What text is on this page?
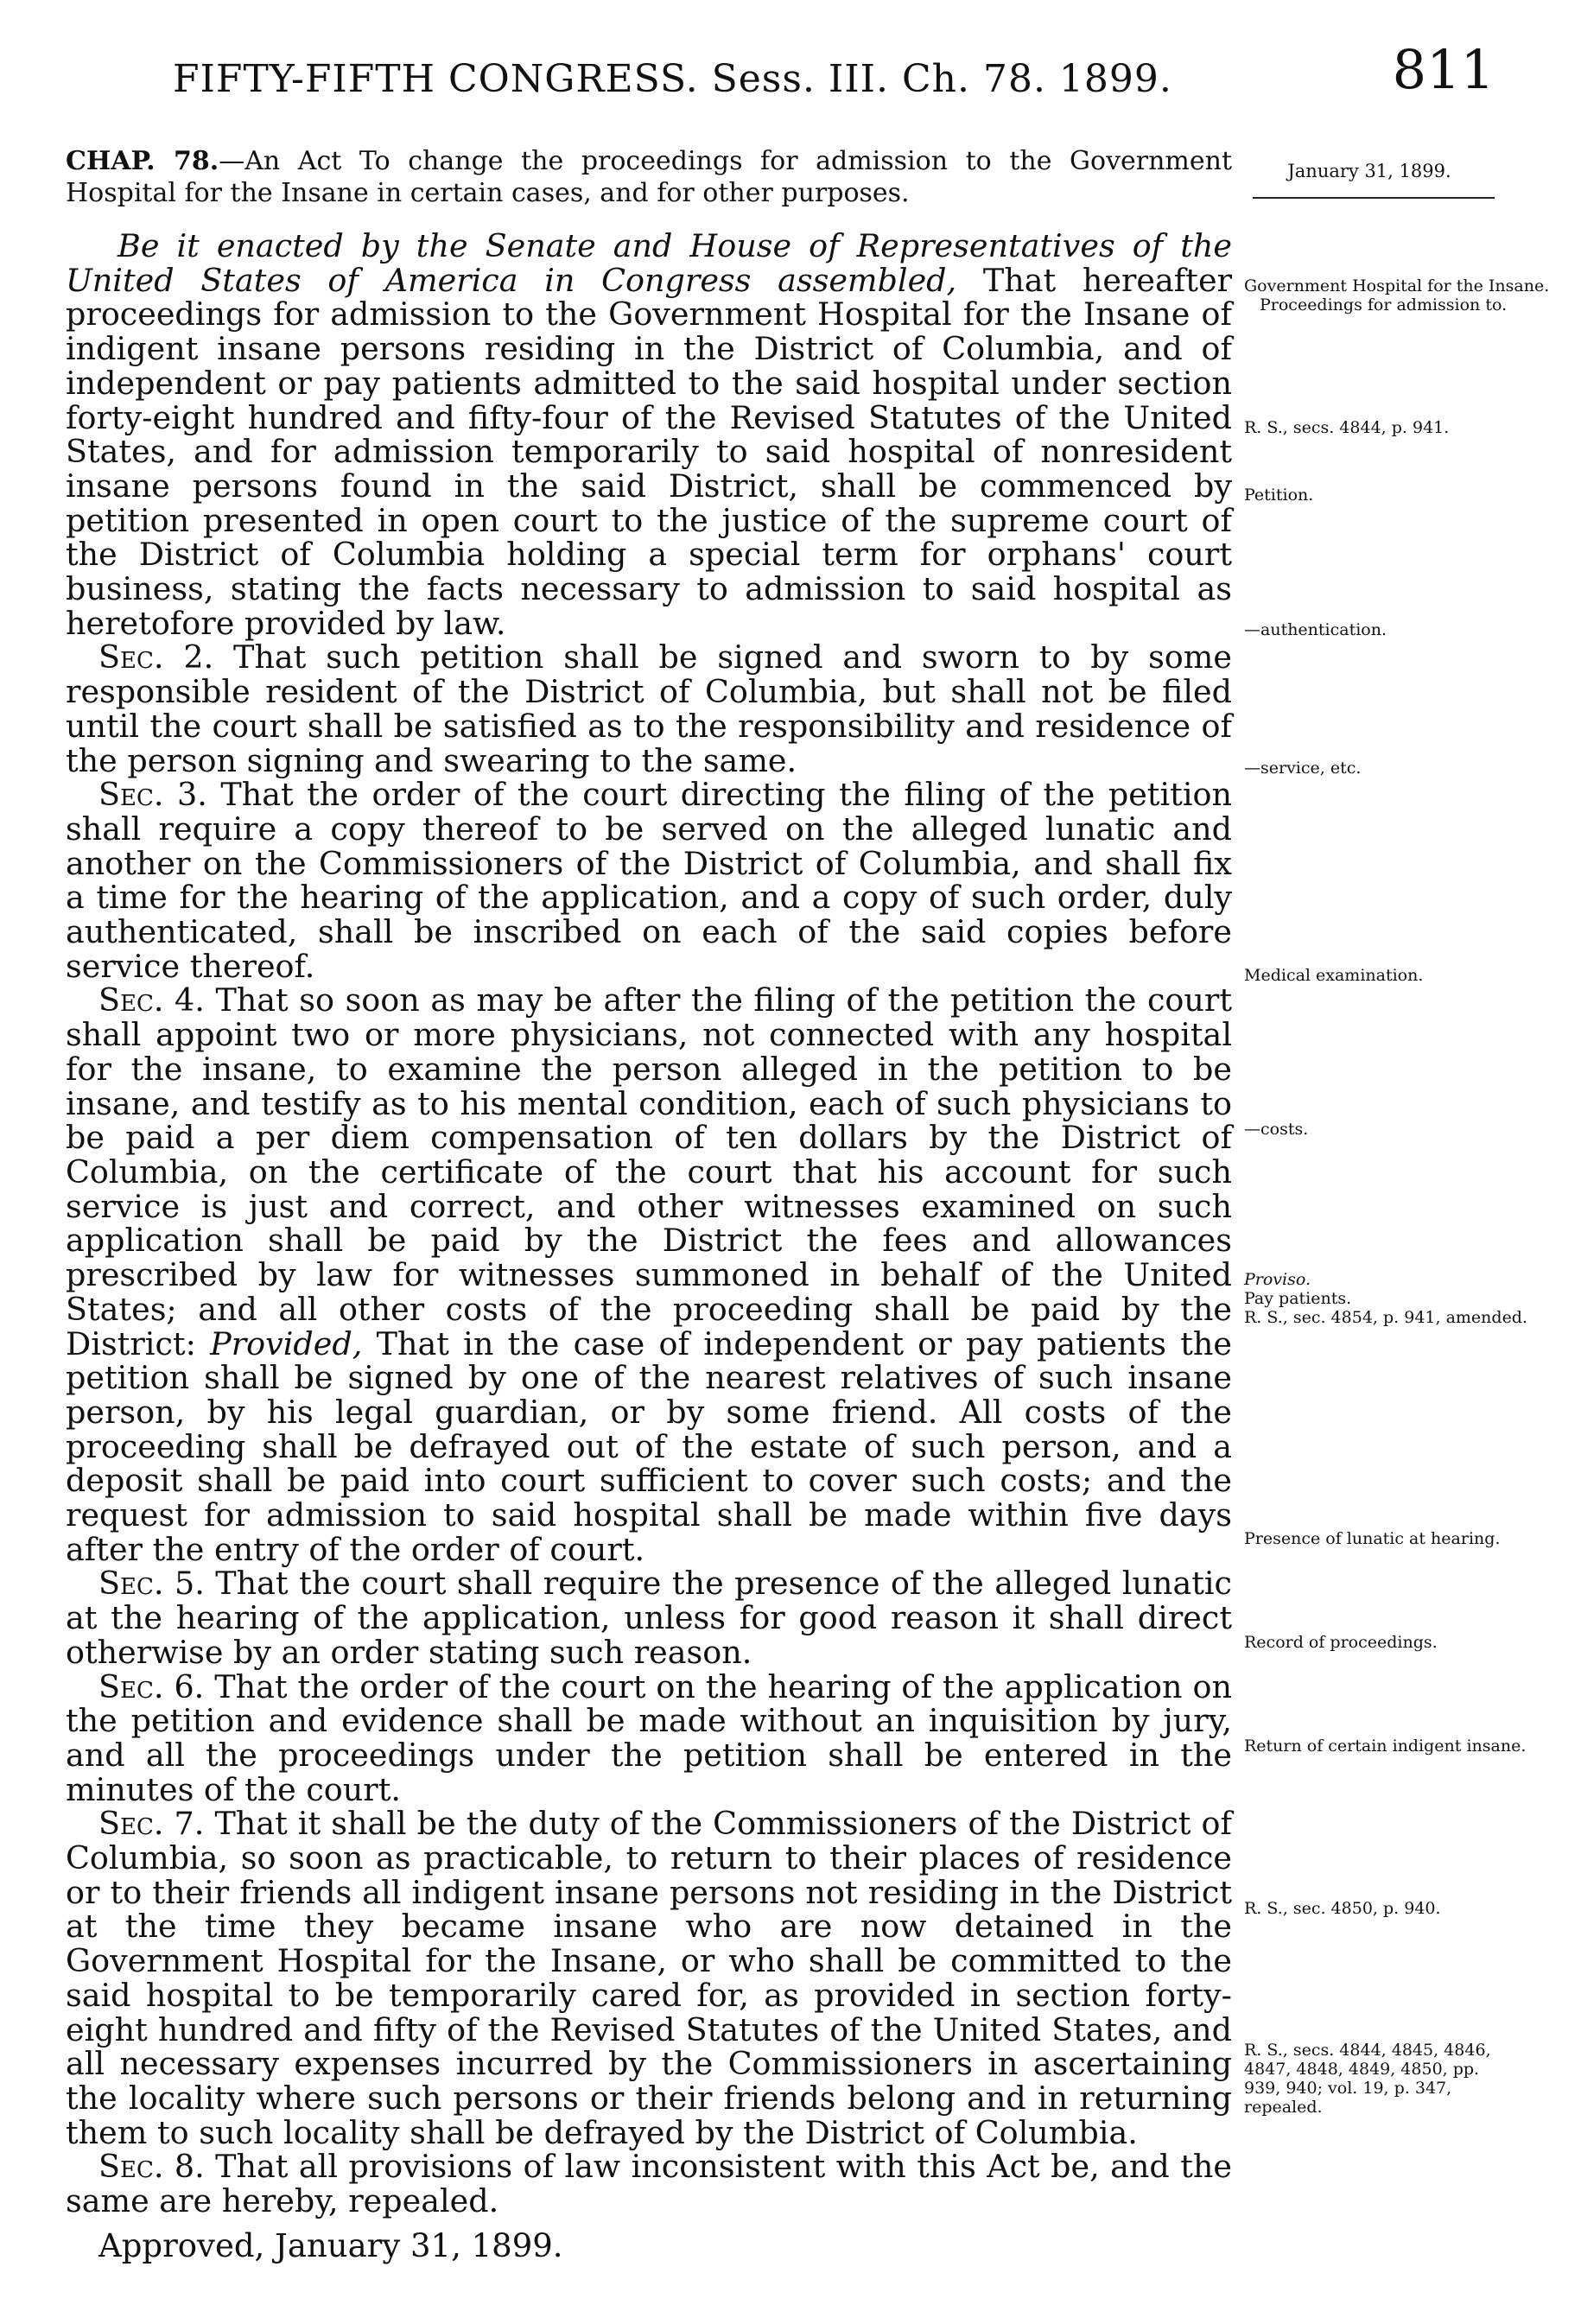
FIFTY-FIFTH CONGRESS. Sess. III. Ch. 78. 1899.	811

CHAP. 78.—An Act To change the proceedings for admission to the Government Hospital for the Insane in certain cases, and for other purposes.

Be it enacted by the Senate and House of Representatives of the United States of America in Congress assembled, That hereafter proceedings for admission to the Government Hospital for the Insane of indigent insane persons residing in the District of Columbia, and of independent or pay patients admitted to the said hospital under section forty-eight hundred and fifty-four of the Revised Statutes of the United States, and for admission temporarily to said hospital of nonresident insane persons found in the said District, shall be commenced by petition presented in open court to the justice of the supreme court of the District of Columbia holding a special term for orphans' court business, stating the facts necessary to admission to said hospital as heretofore provided by law.

Sec. 2. That such petition shall be signed and sworn to by some responsible resident of the District of Columbia, but shall not be filed until the court shall be satisfied as to the responsibility and residence of the person signing and swearing to the same.

Sec. 3. That the order of the court directing the filing of the petition shall require a copy thereof to be served on the alleged lunatic and another on the Commissioners of the District of Columbia, and shall fix a time for the hearing of the application, and a copy of such order, duly authenticated, shall be inscribed on each of the said copies before service thereof.

Sec. 4. That so soon as may be after the filing of the petition the court shall appoint two or more physicians, not connected with any hospital for the insane, to examine the person alleged in the petition to be insane, and testify as to his mental condition, each of such physicians to be paid a per diem compensation of ten dollars by the District of Columbia, on the certificate of the court that his account for such service is just and correct, and other witnesses examined on such application shall be paid by the District the fees and allowances prescribed by law for witnesses summoned in behalf of the United States; and all other costs of the proceeding shall be paid by the District: Provided, That in the case of independent or pay patients the petition shall be signed by one of the nearest relatives of such insane person, by his legal guardian, or by some friend. All costs of the proceeding shall be defrayed out of the estate of such person, and a deposit shall be paid into court sufficient to cover such costs; and the request for admission to said hospital shall be made within five days after the entry of the order of court.

Sec. 5. That the court shall require the presence of the alleged lunatic at the hearing of the application, unless for good reason it shall direct otherwise by an order stating such reason.

Sec. 6. That the order of the court on the hearing of the application on the petition and evidence shall be made without an inquisition by jury, and all the proceedings under the petition shall be entered in the minutes of the court.

Sec. 7. That it shall be the duty of the Commissioners of the District of Columbia, so soon as practicable, to return to their places of residence or to their friends all indigent insane persons not residing in the District at the time they became insane who are now detained in the Government Hospital for the Insane, or who shall be committed to the said hospital to be temporarily cared for, as provided in section forty-eight hundred and fifty of the Revised Statutes of the United States, and all necessary expenses incurred by the Commissioners in ascertaining the locality where such persons or their friends belong and in returning them to such locality shall be defrayed by the District of Columbia.

Sec. 8. That all provisions of law inconsistent with this Act be, and the same are hereby, repealed.

Approved, January 31, 1899.

January 31, 1899.
Government Hospital for the Insane.
Proceedings for admission to.
R. S., secs. 4844, p. 941.
Petition.
—authentication.
—service, etc.
Medical examination.
—costs.
Proviso.
Pay patients.
R. S., sec. 4854, p. 941, amended.
Presence of lunatic at hearing.
Record of proceedings.
Return of certain indigent insane.
R. S., sec. 4850, p. 940.
R. S., secs. 4844, 4845, 4846, 4847, 4848, 4849, 4850, pp. 939, 940; vol. 19, p. 347, repealed.
